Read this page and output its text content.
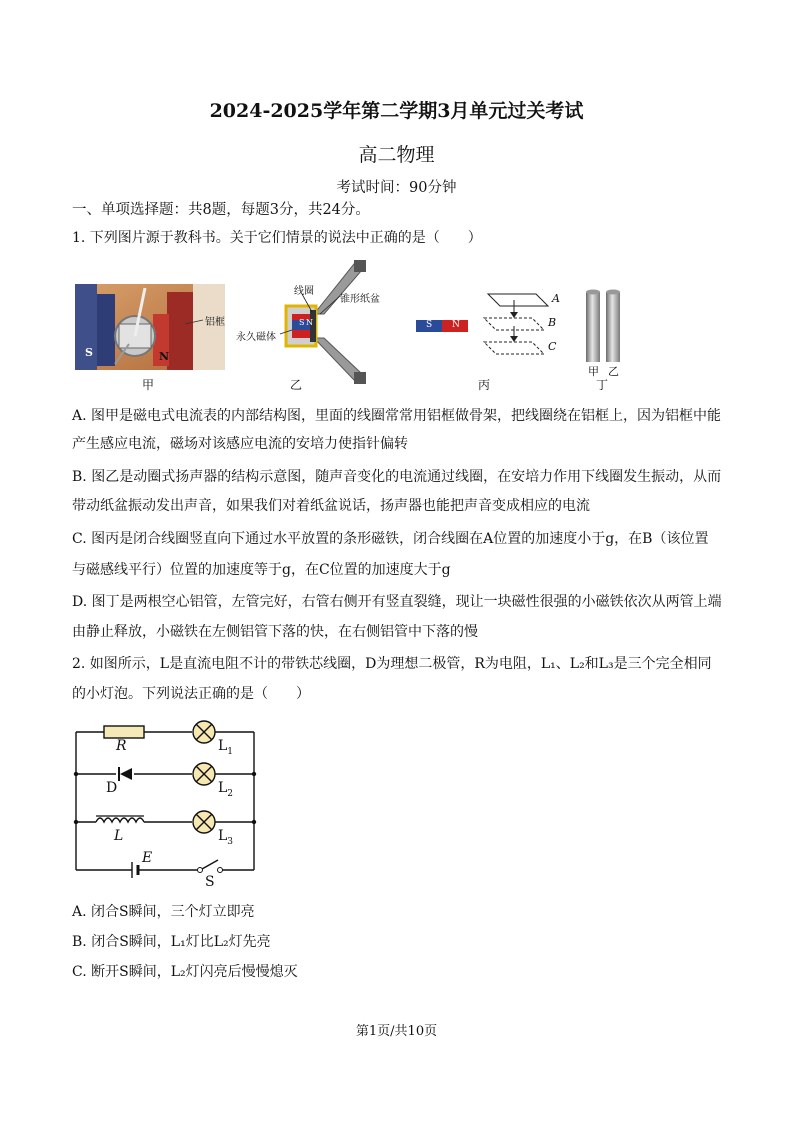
2024-2025学年第二学期3月单元过关考试
高二物理
考试时间：90分钟
一、单项选择题：共8题，每题3分，共24分。
1. 下列图片源于教科书。关于它们情景的说法中正确的是（　　）
铝框
S	N
甲
线圈
锥形纸盆
永久磁体
S N
乙
S N
A
B
C
丙
甲 乙
丁
A. 图甲是磁电式电流表的内部结构图，里面的线圈常常用铝框做骨架，把线圈绕在铝框上，因为铝框中能
产生感应电流，磁场对该感应电流的安培力使指针偏转
B. 图乙是动圈式扬声器的结构示意图，随声音变化的电流通过线圈，在安培力作用下线圈发生振动，从而
带动纸盆振动发出声音，如果我们对着纸盆说话，扬声器也能把声音变成相应的电流
C. 图丙是闭合线圈竖直向下通过水平放置的条形磁铁，闭合线圈在A位置的加速度小于g，在B（该位置
与磁感线平行）位置的加速度等于g，在C位置的加速度大于g
D. 图丁是两根空心铝管，左管完好，右管右侧开有竖直裂缝，现让一块磁性很强的小磁铁依次从两管上端
由静止释放，小磁铁在左侧铝管下落的快，在右侧铝管中下落的慢
2. 如图所示，L是直流电阻不计的带铁芯线圈，D为理想二极管，R为电阻，L₁、L₂和L₃是三个完全相同
的小灯泡。下列说法正确的是（　　）
R	$L_1$
D	$L_2$
L	$L_3$
E
S
A. 闭合S瞬间，三个灯立即亮
B. 闭合S瞬间，L₁灯比L₂灯先亮
C. 断开S瞬间，L₂灯闪亮后慢慢熄灭
第1页/共10页
